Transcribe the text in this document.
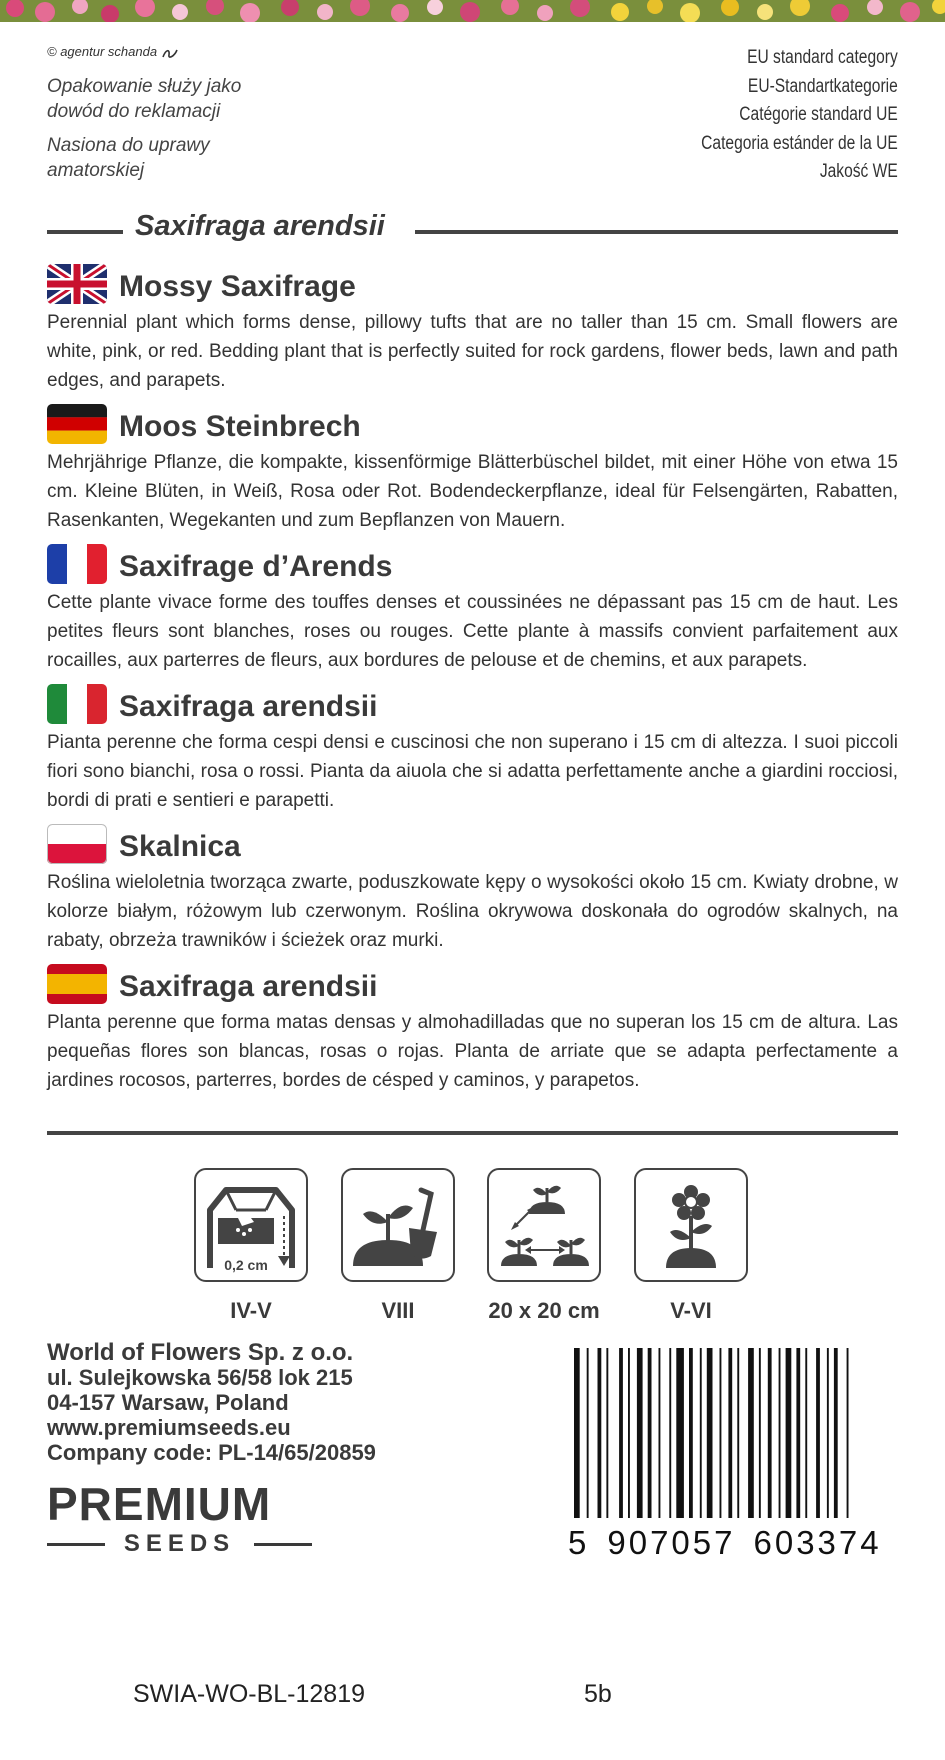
© agentur schanda
Opakowanie służy jako
dowód do reklamacji
Nasiona do uprawy
amatorskiej
EU standard category
EU-Standartkategorie
Catégorie standard UE
Categoria estánder de la UE
Jakość WE
Saxifraga arendsii
Mossy Saxifrage
Perennial plant which forms dense, pillowy tufts that are no taller than 15 cm. Small flowers are white, pink, or red. Bedding plant that is perfectly suited for rock gardens, flower beds, lawn and path edges, and parapets.
Moos Steinbrech
Mehrjährige Pflanze, die kompakte, kissenförmige Blätterbüschel bildet, mit einer Höhe von etwa 15 cm. Kleine Blüten, in Weiß, Rosa oder Rot. Bodendeckerpflanze, ideal für Felsengärten, Rabatten, Rasenkanten, Wegekanten und zum Bepflanzen von Mauern.
Saxifrage d’Arends
Cette plante vivace forme des touffes denses et coussinées ne dépassant pas 15 cm de haut. Les petites fleurs sont blanches, roses ou rouges. Cette plante à massifs convient parfaitement aux rocailles, aux parterres de fleurs, aux bordures de pelouse et de chemins, et aux parapets.
Saxifraga arendsii
Pianta perenne che forma cespi densi e cuscinosi che non superano i 15 cm di altezza. I suoi piccoli fiori sono bianchi, rosa o rossi. Pianta da aiuola che si adatta perfettamente anche a giardini rocciosi, bordi di prati e sentieri e parapetti.
Skalnica
Roślina wieloletnia tworząca zwarte, poduszkowate kępy o wysokości około 15 cm. Kwiaty drobne, w kolorze białym, różowym lub czerwonym. Roślina okrywowa doskonała do ogrodów skalnych, na rabaty, obrzeża trawników i ścieżek oraz murki.
Saxifraga arendsii
Planta perenne que forma matas densas y almohadilladas que no superan los 15 cm de altura. Las pequeñas flores son blancas, rosas o rojas. Planta de arriate que se adapta perfectamente a jardines rocosos, parterres, bordes de césped y caminos, y parapetos.
0,2 cm
IV-V	VIII	20 x 20 cm	V-VI
World of Flowers Sp. z o.o.
ul. Sulejkowska 56/58 lok 215
04-157 Warsaw, Poland
www.premiumseeds.eu
Company code: PL-14/65/20859
PREMIUM
SEEDS	5 907057 603374
SWIA-WO-BL-12819	5b
